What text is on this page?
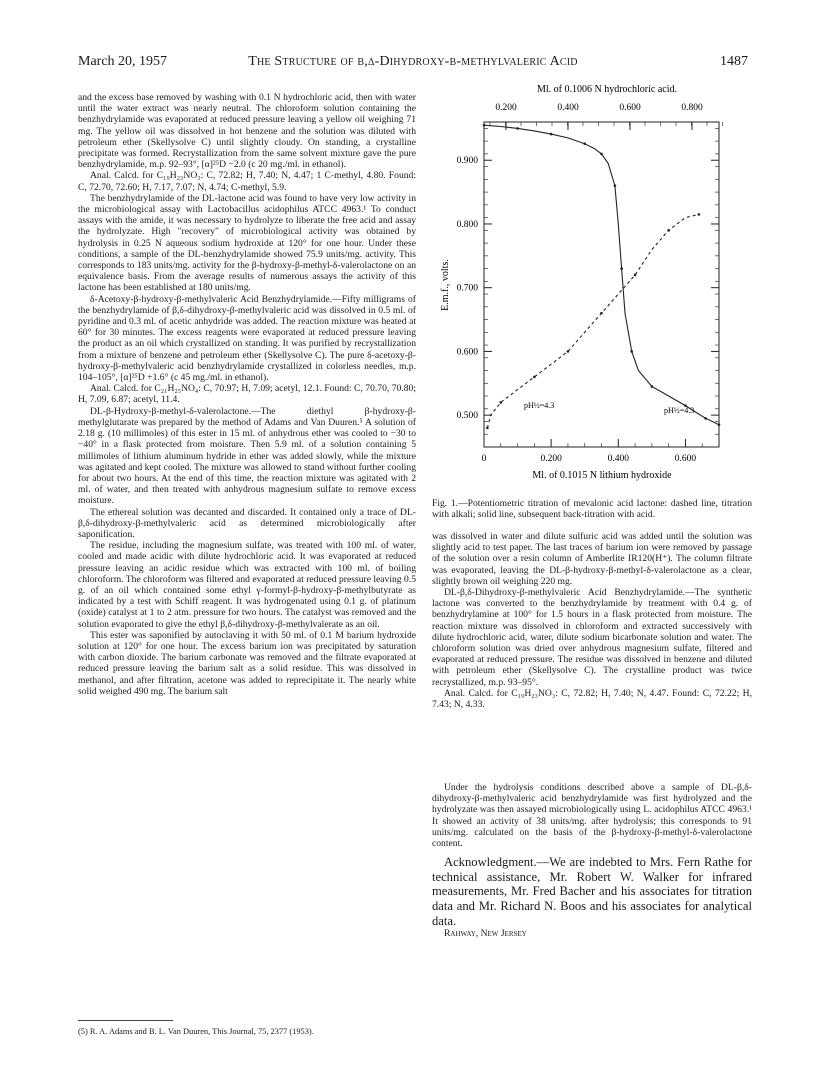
March 20, 1957	The Structure of β,δ-Dihydroxy-β-methylvaleric Acid	1487

and the excess base removed by washing with 0.1 N hydrochloric acid, then with water until the water extract was nearly neutral. The chloroform solution containing the benzhydrylamide was evaporated at reduced pressure leaving a yellow oil weighing 71 mg. The yellow oil was dissolved in hot benzene and the solution was diluted with petroleum ether (Skellysolve C) until slightly cloudy. On standing, a crystalline precipitate was formed. Recrystallization from the same solvent mixture gave the pure benzhydrylamide, m.p. 92–93°, [α]²⁵D −2.0 (c 20 mg./ml. in ethanol).

Anal. Calcd. for C₁₉H₂₃NO₃: C, 72.82; H, 7.40; N, 4.47; 1 C-methyl, 4.80. Found: C, 72.70, 72.60; H, 7.17, 7.07; N, 4.74; C-methyl, 5.9.

The benzhydrylamide of the DL-lactone acid was found to have very low activity in the microbiological assay with Lactobacillus acidophilus ATCC 4963.¹ To conduct assays with the amide, it was necessary to hydrolyze to liberate the free acid and assay the hydrolyzate. High "recovery" of microbiological activity was obtained by hydrolysis in 0.25 N aqueous sodium hydroxide at 120° for one hour. Under these conditions, a sample of the DL-benzhydrylamide showed 75.9 units/mg. activity. This corresponds to 183 units/mg. activity for the β-hydroxy-β-methyl-δ-valerolactone on an equivalence basis. From the average results of numerous assays the activity of this lactone has been established at 180 units/mg.

δ-Acetoxy-β-hydroxy-β-methylvaleric Acid Benzhydrylamide.—Fifty milligrams of the benzhydrylamide of β,δ-dihydroxy-β-methylvaleric acid was dissolved in 0.5 ml. of pyridine and 0.3 ml. of acetic anhydride was added. The reaction mixture was heated at 60° for 30 minutes. The excess reagents were evaporated at reduced pressure leaving the product as an oil which crystallized on standing. It was purified by recrystallization from a mixture of benzene and petroleum ether (Skellysolve C). The pure δ-acetoxy-β-hydroxy-β-methylvaleric acid benzhydrylamide crystallized in colorless needles, m.p. 104–105°, [α]²⁵D +1.6° (c 45 mg./ml. in ethanol).

Anal. Calcd. for C₂₁H₂₅NO₄: C, 70.97; H, 7.09; acetyl, 12.1. Found: C, 70.70, 70.80; H, 7.09, 6.87; acetyl, 11.4.

DL-β-Hydroxy-β-methyl-δ-valerolactone.—The diethyl β-hydroxy-β-methylglutarate was prepared by the method of Adams and Van Duuren.⁵ A solution of 2.18 g. (10 millimoles) of this ester in 15 ml. of anhydrous ether was cooled to −30 to −40° in a flask protected from moisture. Then 5.9 ml. of a solution containing 5 millimoles of lithium aluminum hydride in ether was added slowly, while the mixture was agitated and kept cooled. The mixture was allowed to stand without further cooling for about two hours. At the end of this time, the reaction mixture was agitated with 2 ml. of water, and then treated with anhydrous magnesium sulfate to remove excess moisture.

The ethereal solution was decanted and discarded. It contained only a trace of DL-β,δ-dihydroxy-β-methylvaleric acid as determined microbiologically after saponification.

The residue, including the magnesium sulfate, was treated with 100 ml. of water, cooled and made acidic with dilute hydrochloric acid. It was evaporated at reduced pressure leaving an acidic residue which was extracted with 100 ml. of boiling chloroform. The chloroform was filtered and evaporated at reduced pressure leaving 0.5 g. of an oil which contained some ethyl γ-formyl-β-hydroxy-β-methylbutyrate as indicated by a test with Schiff reagent. It was hydrogenated using 0.1 g. of platinum (oxide) catalyst at 1 to 2 atm. pressure for two hours. The catalyst was removed and the solution evaporated to give the ethyl β,δ-dihydroxy-β-methylvalerate as an oil.

This ester was saponified by autoclaving it with 50 ml. of 0.1 M barium hydroxide solution at 120° for one hour. The excess barium ion was precipitated by saturation with carbon dioxide. The barium carbonate was removed and the filtrate evaporated at reduced pressure leaving the barium salt as a solid residue. This was dissolved in methanol, and after filtration, acetone was added to reprecipitate it. The nearly white solid weighed 490 mg. The barium salt

(5) R. A. Adams and B. L. Van Duuren, This Journal, 75, 2377 (1953).
Ml. of 0.1006 N hydrochloric acid.
0.200	0.400	0.600	0.800
0.500
0.600
0.700
0.800
0.900
0	0.200	0.400	0.600
E.m.f., volts.
Ml. of 0.1015 N lithium hydroxide
pH½=4.3
pH½=4.3
Fig. 1.—Potentiometric titration of mevalonic acid lactone: dashed line, titration with alkali; solid line, subsequent back-titration with acid.

was dissolved in water and dilute sulfuric acid was added until the solution was slightly acid to test paper. The last traces of barium ion were removed by passage of the solution over a resin column of Amberlite IR120(H⁺). The column filtrate was evaporated, leaving the DL-β-hydroxy-β-methyl-δ-valerolactone as a clear, slightly brown oil weighing 220 mg.

DL-β,δ-Dihydroxy-β-methylvaleric Acid Benzhydrylamide.—The synthetic lactone was converted to the benzhydrylamide by treatment with 0.4 g. of benzhydrylamine at 100° for 1.5 hours in a flask protected from moisture. The reaction mixture was dissolved in chloroform and extracted successively with dilute hydrochloric acid, water, dilute sodium bicarbonate solution and water. The chloroform solution was dried over anhydrous magnesium sulfate, filtered and evaporated at reduced pressure. The residue was dissolved in benzene and diluted with petroleum ether (Skellysolve C). The crystalline product was twice recrystallized, m.p. 93–95°.

Anal. Calcd. for C₁₉H₂₃NO₃: C, 72.82; H, 7.40; N, 4.47. Found: C, 72.22; H, 7.43; N, 4.33.

Under the hydrolysis conditions described above a sample of DL-β,δ-dihydroxy-β-methylvaleric acid benzhydrylamide was first hydrolyzed and the hydrolyzate was then assayed microbiologically using L. acidophilus ATCC 4963.¹ It showed an activity of 38 units/mg. after hydrolysis; this corresponds to 91 units/mg. calculated on the basis of the β-hydroxy-β-methyl-δ-valerolactone content.

Acknowledgment.—We are indebted to Mrs. Fern Rathe for technical assistance, Mr. Robert W. Walker for infrared measurements, Mr. Fred Bacher and his associates for titration data and Mr. Richard N. Boos and his associates for analytical data.

Rahway, New Jersey
